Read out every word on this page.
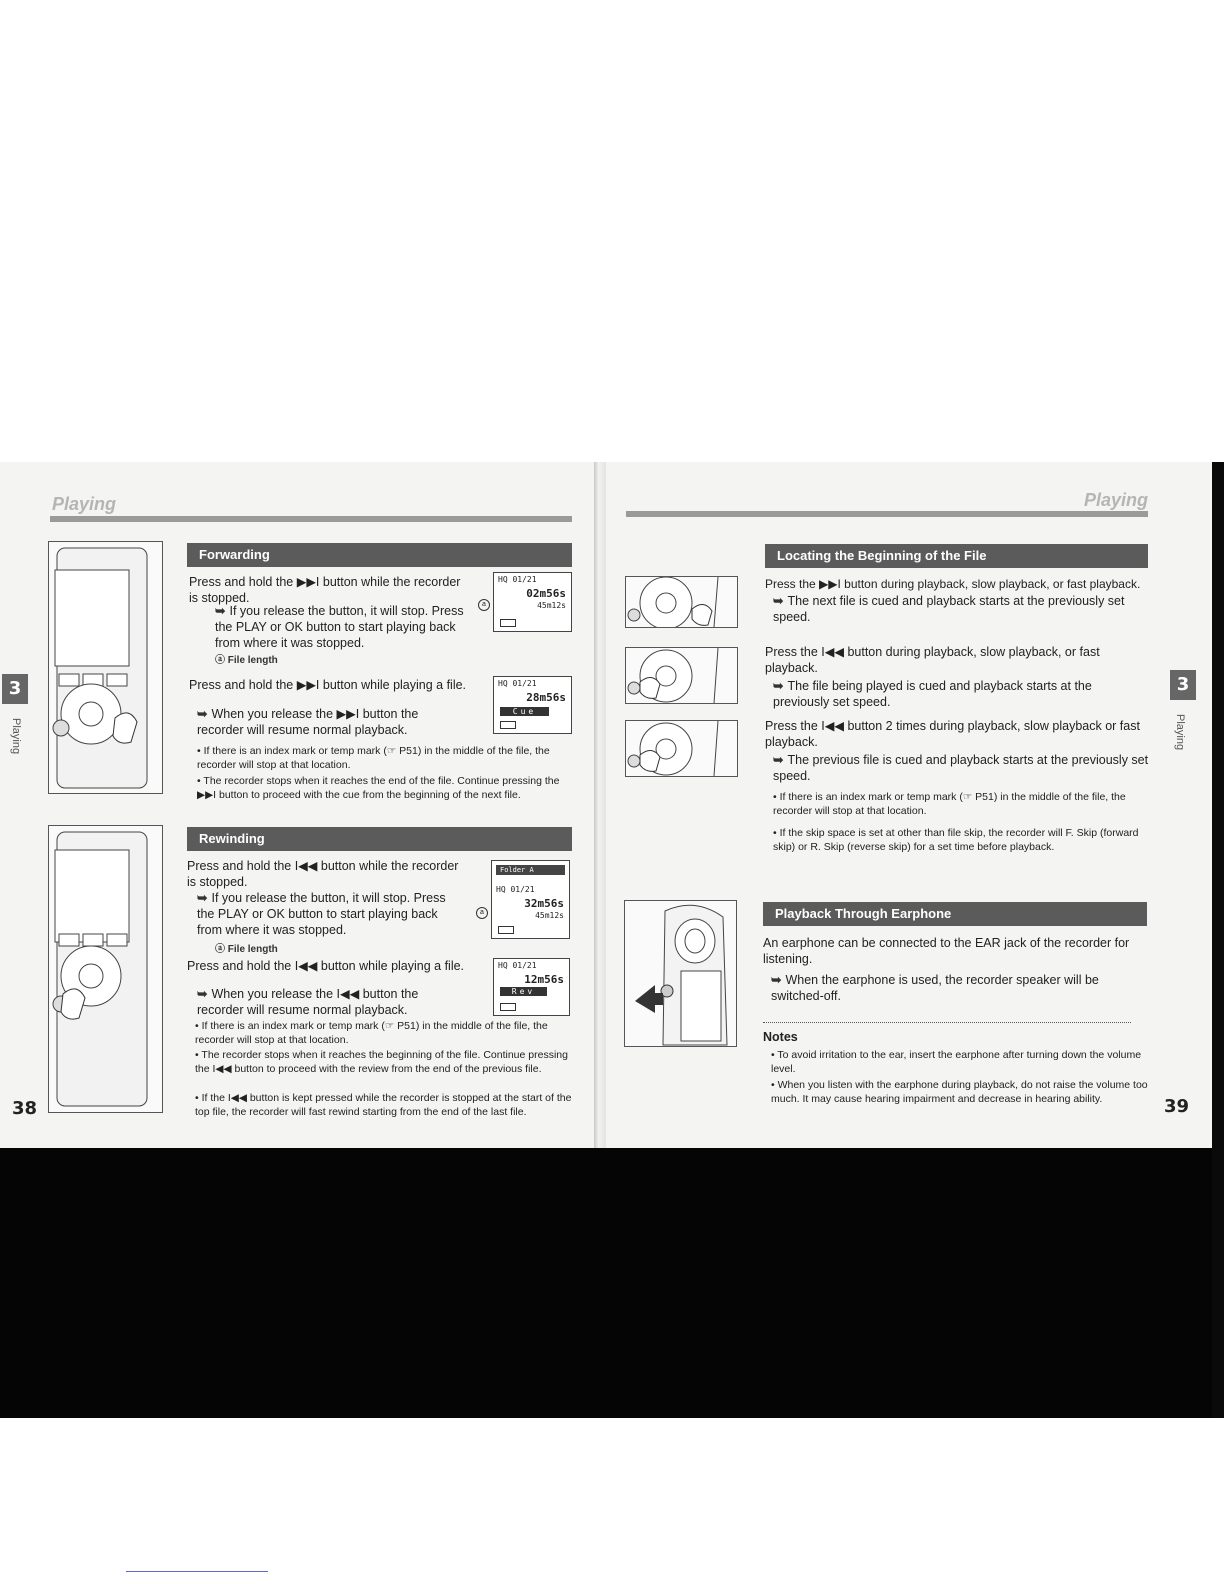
Playing
3
Playing
38
Forwarding
Press and hold the ▶▶I button while the recorder is stopped.
➥ If you release the button, it will stop. Press the PLAY or OK button to start playing back from where it was stopped.
ⓐ File length
a
HQ 01/21
02m56s
45m12s
Press and hold the ▶▶I button while playing a file.
➥ When you release the ▶▶I button the recorder will resume normal playback.
HQ 01/21
28m56s
Cue
• If there is an index mark or temp mark (☞ P51) in the middle of the file, the recorder will stop at that location.
• The recorder stops when it reaches the end of the file. Continue pressing the ▶▶I button to proceed with the cue from the beginning of the next file.
Rewinding
Press and hold the I◀◀ button while the recorder is stopped.
➥ If you release the button, it will stop. Press the PLAY or OK button to start playing back from where it was stopped.
ⓐ File length
a
Folder A
HQ 01/21
32m56s
45m12s
Press and hold the I◀◀ button while playing a file.
➥ When you release the I◀◀ button the recorder will resume normal playback.
HQ 01/21
12m56s
Rev
• If there is an index mark or temp mark (☞ P51) in the middle of the file, the recorder will stop at that location.
• The recorder stops when it reaches the beginning of the file. Continue pressing the I◀◀ button to proceed with the review from the end of the previous file.
• If the I◀◀ button is kept pressed while the recorder is stopped at the start of the top file, the recorder will fast rewind starting from the end of the last file.
Playing
3
Playing
39
Locating the Beginning of the File
Press the ▶▶I button during playback, slow playback, or fast playback.
➥ The next file is cued and playback starts at the previously set speed.
Press the I◀◀ button during playback, slow playback, or fast playback.
➥ The file being played is cued and playback starts at the previously set speed.
Press the I◀◀ button 2 times during playback, slow playback or fast playback.
➥ The previous file is cued and playback starts at the previously set speed.
• If there is an index mark or temp mark (☞ P51) in the middle of the file, the recorder will stop at that location.
• If the skip space is set at other than file skip, the recorder will F. Skip (forward skip) or R. Skip (reverse skip) for a set time before playback.
Playback Through Earphone
An earphone can be connected to the EAR jack of the recorder for listening.
➥ When the earphone is used, the recorder speaker will be switched-off.
Notes
• To avoid irritation to the ear, insert the earphone after turning down the volume level.
• When you listen with the earphone during playback, do not raise the volume too much. It may cause hearing impairment and decrease in hearing ability.
